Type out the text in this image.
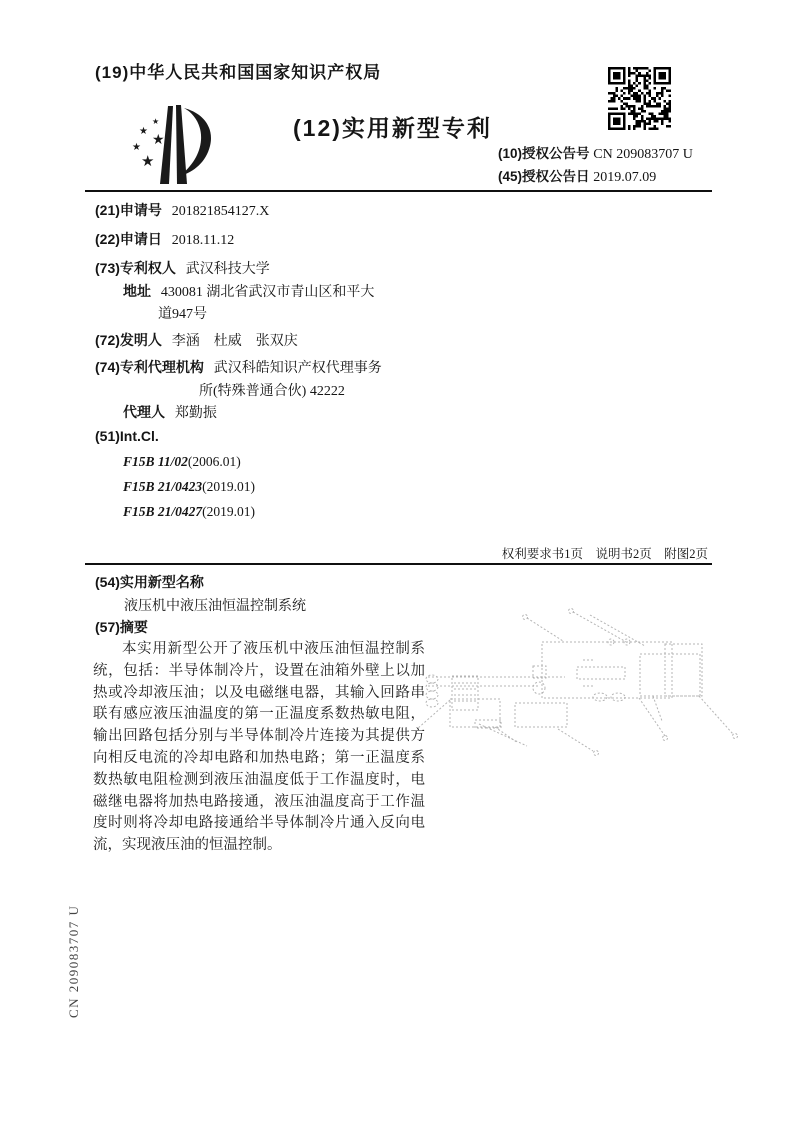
(19)中华人民共和国国家知识产权局
★
★ ★
★
★
(12)实用新型专利
(10)授权公告号 CN 209083707 U
(45)授权公告日 2019.07.09
(21)申请号 201821854127.X
(22)申请日 2018.11.12
(73)专利权人 武汉科技大学
地址 430081 湖北省武汉市青山区和平大
道947号
(72)发明人 李涵　杜威　张双庆
(74)专利代理机构 武汉科皓知识产权代理事务
所(特殊普通合伙) 42222
代理人 郑勤振
(51)Int.Cl.
F15B 11/02(2006.01)
F15B 21/0423(2019.01)
F15B 21/0427(2019.01)
权利要求书1页　说明书2页　附图2页
(54)实用新型名称
液压机中液压油恒温控制系统
(57)摘要
本实用新型公开了液压机中液压油恒温控制系统，包括：半导体制冷片，设置在油箱外壁上以加热或冷却液压油；以及电磁继电器，其输入回路串联有感应液压油温度的第一正温度系数热敏电阻，输出回路包括分别与半导体制冷片连接为其提供方向相反电流的冷却电路和加热电路；第一正温度系数热敏电阻检测到液压油温度低于工作温度时，电磁继电器将加热电路接通，液压油温度高于工作温度时则将冷却电路接通给半导体制冷片通入反向电流，实现液压油的恒温控制。
CN 209083707 U
